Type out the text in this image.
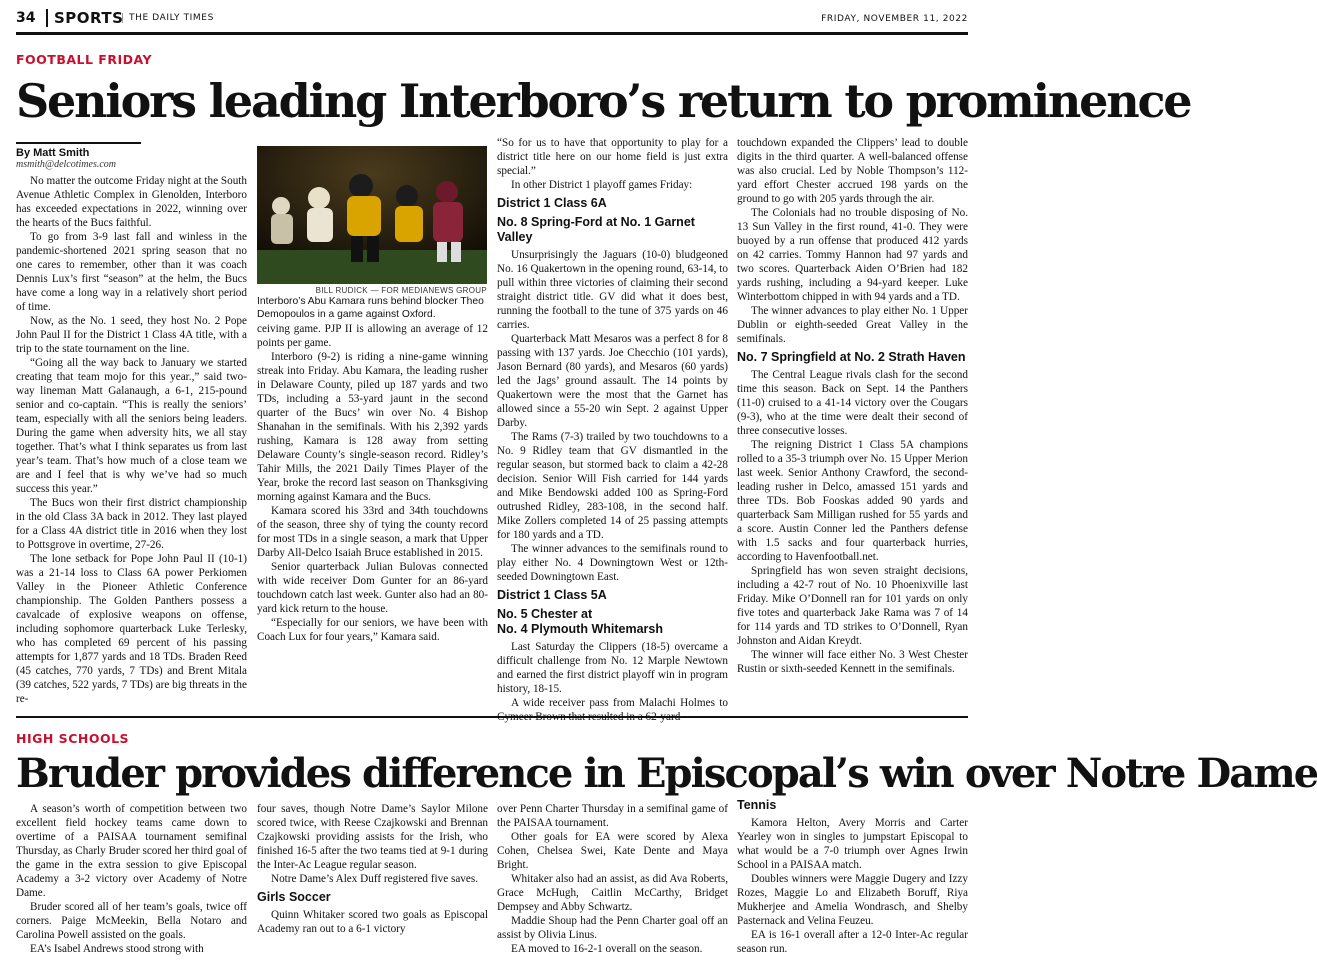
34	SPORTS THE DAILY TIMES	FRIDAY, NOVEMBER 11, 2022
FOOTBALL FRIDAY
Seniors leading Interboro’s return to prominence
By Matt Smith
msmith@delcotimes.com

No matter the outcome Friday night at the South Avenue Athletic Complex in Glenolden, Interboro has exceeded expectations in 2022, winning over the hearts of the Bucs faithful.

To go from 3-9 last fall and winless in the pandemic-shortened 2021 spring season that no one cares to remember, other than it was coach Dennis Lux’s first “season” at the helm, the Bucs have come a long way in a relatively short period of time.

Now, as the No. 1 seed, they host No. 2 Pope John Paul II for the District 1 Class 4A title, with a trip to the state tournament on the line.

“Going all the way back to January we started creating that team mojo for this year.,” said two-way lineman Matt Galanaugh, a 6-1, 215-pound senior and co-captain. “This is really the seniors’ team, especially with all the seniors being leaders. During the game when adversity hits, we all stay together. That’s what I think separates us from last year’s team. That’s how much of a close team we are and I feel that is why we’ve had so much success this year.”

The Bucs won their first district championship in the old Class 3A back in 2012. They last played for a Class 4A district title in 2016 when they lost to Pottsgrove in overtime, 27-26.

The lone setback for Pope John Paul II (10-1) was a 21-14 loss to Class 6A power Perkiomen Valley in the Pioneer Athletic Conference championship. The Golden Panthers possess a cavalcade of explosive weapons on offense, including sophomore quarterback Luke Terlesky, who has completed 69 percent of his passing attempts for 1,877 yards and 18 TDs. Braden Reed (45 catches, 770 yards, 7 TDs) and Brent Mitala (39 catches, 522 yards, 7 TDs) are big threats in the re-

BILL RUDICK — FOR MEDIANEWS GROUP
Interboro’s Abu Kamara runs behind blocker Theo Demopoulos in a game against Oxford.

ceiving game. PJP II is allowing an average of 12 points per game.

Interboro (9-2) is riding a nine-game winning streak into Friday. Abu Kamara, the leading rusher in Delaware County, piled up 187 yards and two TDs, including a 53-yard jaunt in the second quarter of the Bucs’ win over No. 4 Bishop Shanahan in the semifinals. With his 2,392 yards rushing, Kamara is 128 away from setting Delaware County’s single-season record. Ridley’s Tahir Mills, the 2021 Daily Times Player of the Year, broke the record last season on Thanksgiving morning against Kamara and the Bucs.

Kamara scored his 33rd and 34th touchdowns of the season, three shy of tying the county record for most TDs in a single season, a mark that Upper Darby All-Delco Isaiah Bruce established in 2015.

Senior quarterback Julian Bulovas connected with wide receiver Dom Gunter for an 86-yard touchdown catch last week. Gunter also had an 80-yard kick return to the house.

“Especially for our seniors, we have been with Coach Lux for four years,” Kamara said.

“So for us to have that opportunity to play for a district title here on our home field is just extra special.”

In other District 1 playoff games Friday:

District 1 Class 6A
No. 8 Spring-Ford at No. 1 Garnet Valley

Unsurprisingly the Jaguars (10-0) bludgeoned No. 16 Quakertown in the opening round, 63-14, to pull within three victories of claiming their second straight district title. GV did what it does best, running the football to the tune of 375 yards on 46 carries.

Quarterback Matt Mesaros was a perfect 8 for 8 passing with 137 yards. Joe Checchio (101 yards), Jason Bernard (80 yards), and Mesaros (60 yards) led the Jags’ ground assault. The 14 points by Quakertown were the most that the Garnet has allowed since a 55-20 win Sept. 2 against Upper Darby.

The Rams (7-3) trailed by two touchdowns to a No. 9 Ridley team that GV dismantled in the regular season, but stormed back to claim a 42-28 decision. Senior Will Fish carried for 144 yards and Mike Bendowski added 100 as Spring-Ford outrushed Ridley, 283-108, in the second half. Mike Zollers completed 14 of 25 passing attempts for 180 yards and a TD.

The winner advances to the semifinals round to play either No. 4 Downingtown West or 12th-seeded Downingtown East.

District 1 Class 5A
No. 5 Chester at
No. 4 Plymouth Whitemarsh

Last Saturday the Clippers (18-5) overcame a difficult challenge from No. 12 Marple Newtown and earned the first district playoff win in program history, 18-15.

A wide receiver pass from Malachi Holmes to Cymeer Brown that resulted in a 62-yard

touchdown expanded the Clippers’ lead to double digits in the third quarter. A well-balanced offense was also crucial. Led by Noble Thompson’s 112-yard effort Chester accrued 198 yards on the ground to go with 205 yards through the air.

The Colonials had no trouble disposing of No. 13 Sun Valley in the first round, 41-0. They were buoyed by a run offense that produced 412 yards on 42 carries. Tommy Hannon had 97 yards and two scores. Quarterback Aiden O’Brien had 182 yards rushing, including a 94-yard keeper. Luke Winterbottom chipped in with 94 yards and a TD.

The winner advances to play either No. 1 Upper Dublin or eighth-seeded Great Valley in the semifinals.

No. 7 Springfield at No. 2 Strath Haven

The Central League rivals clash for the second time this season. Back on Sept. 14 the Panthers (11-0) cruised to a 41-14 victory over the Cougars (9-3), who at the time were dealt their second of three consecutive losses.

The reigning District 1 Class 5A champions rolled to a 35-3 triumph over No. 15 Upper Merion last week. Senior Anthony Crawford, the second-leading rusher in Delco, amassed 151 yards and three TDs. Bob Fooskas added 90 yards and quarterback Sam Milligan rushed for 55 yards and a score. Austin Conner led the Panthers defense with 1.5 sacks and four quarterback hurries, according to Havenfootball.net.

Springfield has won seven straight decisions, including a 42-7 rout of No. 10 Phoenixville last Friday. Mike O’Donnell ran for 101 yards on only five totes and quarterback Jake Rama was 7 of 14 for 114 yards and TD strikes to O’Donnell, Ryan Johnston and Aidan Kreydt.

The winner will face either No. 3 West Chester Rustin or sixth-seeded Kennett in the semifinals.

HIGH SCHOOLS
Bruder provides difference in Episcopal’s win over Notre Dame

A season’s worth of competition between two excellent field hockey teams came down to overtime of a PAISAA tournament semifinal Thursday, as Charly Bruder scored her third goal of the game in the extra session to give Episcopal Academy a 3-2 victory over Academy of Notre Dame.

Bruder scored all of her team’s goals, twice off corners. Paige McMeekin, Bella Notaro and Carolina Powell assisted on the goals.

EA’s Isabel Andrews stood strong with

four saves, though Notre Dame’s Saylor Milone scored twice, with Reese Czajkowski and Brennan Czajkowski providing assists for the Irish, who finished 16-5 after the two teams tied at 9-1 during the Inter-Ac League regular season.

Notre Dame’s Alex Duff registered five saves.

Girls Soccer

Quinn Whitaker scored two goals as Episcopal Academy ran out to a 6-1 victory

over Penn Charter Thursday in a semifinal game of the PAISAA tournament.

Other goals for EA were scored by Alexa Cohen, Chelsea Swei, Kate Dente and Maya Bright.

Whitaker also had an assist, as did Ava Roberts, Grace McHugh, Caitlin McCarthy, Bridget Dempsey and Abby Schwartz.

Maddie Shoup had the Penn Charter goal off an assist by Olivia Linus.

EA moved to 16-2-1 overall on the season.

Tennis

Kamora Helton, Avery Morris and Carter Yearley won in singles to jumpstart Episcopal to what would be a 7-0 triumph over Agnes Irwin School in a PAISAA match.

Doubles winners were Maggie Dugery and Izzy Rozes, Maggie Lo and Elizabeth Boruff, Riya Mukherjee and Amelia Wondrasch, and Shelby Pasternack and Velina Feuzeu.

EA is 16-1 overall after a 12-0 Inter-Ac regular season run.
